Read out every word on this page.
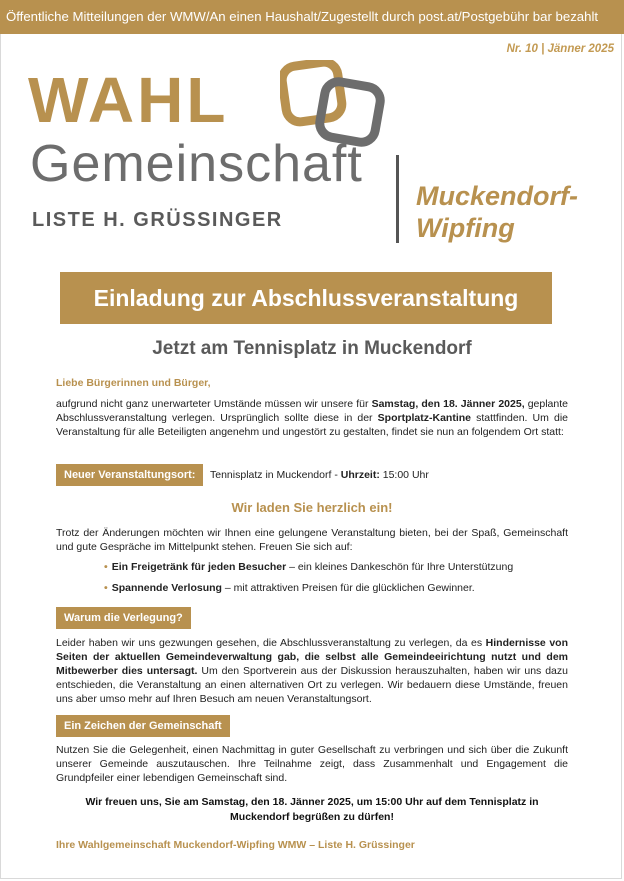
Öffentliche Mitteilungen der WMW/An einen Haushalt/Zugestellt durch post.at/Postgebühr bar bezahlt
Nr. 10 | Jänner 2025
WAHL
Gemeinschaft
LISTE H. GRÜSSINGER
Muckendorf-
Wipfing
Einladung zur Abschlussveranstaltung
Jetzt am Tennisplatz in Muckendorf
Liebe Bürgerinnen und Bürger,
aufgrund nicht ganz unerwarteter Umstände müssen wir unsere für Samstag, den 18. Jänner 2025, geplante Abschlussveranstaltung verlegen. Ursprünglich sollte diese in der Sportplatz-Kantine stattfinden. Um die Veranstaltung für alle Beteiligten angenehm und ungestört zu gestalten, findet sie nun an folgendem Ort statt:
Neuer Veranstaltungsort:	Tennisplatz in Muckendorf - Uhrzeit: 15:00 Uhr
Wir laden Sie herzlich ein!
Trotz der Änderungen möchten wir Ihnen eine gelungene Veranstaltung bieten, bei der Spaß, Gemeinschaft und gute Gespräche im Mittelpunkt stehen. Freuen Sie sich auf:
• Ein Freigetränk für jeden Besucher – ein kleines Dankeschön für Ihre Unterstützung
• Spannende Verlosung – mit attraktiven Preisen für die glücklichen Gewinner.
Warum die Verlegung?
Leider haben wir uns gezwungen gesehen, die Abschlussveranstaltung zu verlegen, da es Hindernisse von Seiten der aktuellen Gemeindeverwaltung gab, die selbst alle Gemeindeeirichtung nutzt und dem Mitbewerber dies untersagt. Um den Sportverein aus der Diskussion herauszuhalten, haben wir uns dazu entschieden, die Veranstaltung an einen alternativen Ort zu verlegen. Wir bedauern diese Umstände, freuen uns aber umso mehr auf Ihren Besuch am neuen Veranstaltungsort.
Ein Zeichen der Gemeinschaft
Nutzen Sie die Gelegenheit, einen Nachmittag in guter Gesellschaft zu verbringen und sich über die Zukunft unserer Gemeinde auszutauschen. Ihre Teilnahme zeigt, dass Zusammenhalt und Engagement die Grundpfeiler einer lebendigen Gemeinschaft sind.
Wir freuen uns, Sie am Samstag, den 18. Jänner 2025, um 15:00 Uhr auf dem Tennisplatz in
Muckendorf begrüßen zu dürfen!
Ihre Wahlgemeinschaft Muckendorf-Wipfing WMW – Liste H. Grüssinger
